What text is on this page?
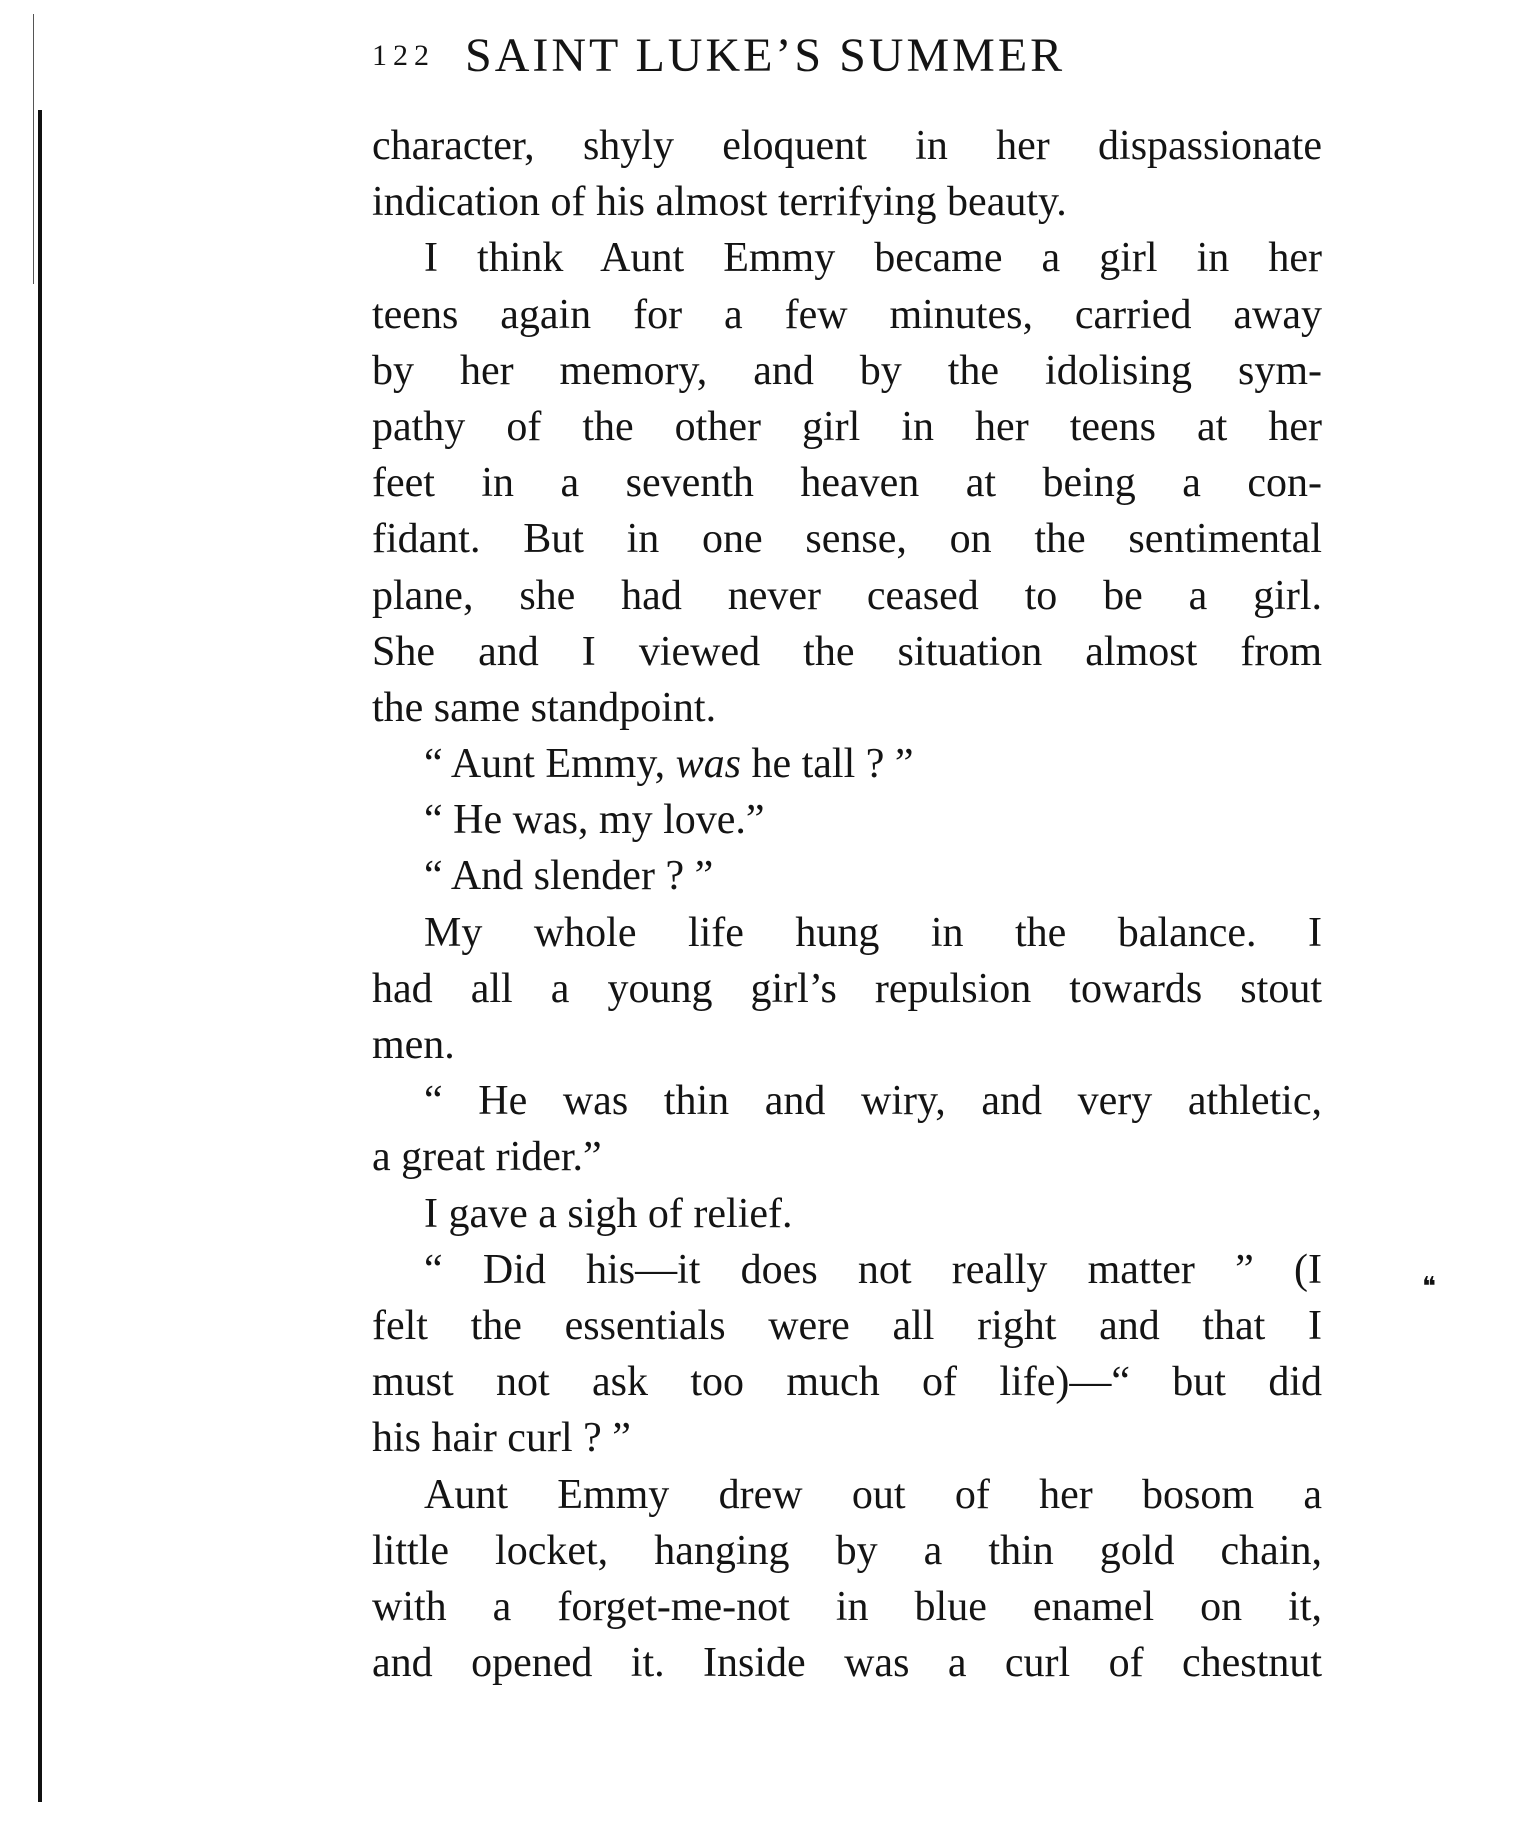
122 SAINT LUKE’S SUMMER
character, shyly eloquent in her dispassionate
indication of his almost terrifying beauty.
I think Aunt Emmy became a girl in her
teens again for a few minutes, carried away
by her memory, and by the idolising sym-
pathy of the other girl in her teens at her
feet in a seventh heaven at being a con-
fidant. But in one sense, on the sentimental
plane, she had never ceased to be a girl.
She and I viewed the situation almost from
the same standpoint.
“ Aunt Emmy, was he tall ? ”
“ He was, my love.”
“ And slender ? ”
My whole life hung in the balance. I
had all a young girl’s repulsion towards stout
men.
“ He was thin and wiry, and very athletic,
a great rider.”
I gave a sigh of relief.
“ Did his—it does not really matter ” (I
felt the essentials were all right and that I
must not ask too much of life)—“ but did
his hair curl ? ”
Aunt Emmy drew out of her bosom a
little locket, hanging by a thin gold chain,
with a forget-me-not in blue enamel on it,
and opened it. Inside was a curl of chestnut
❝
